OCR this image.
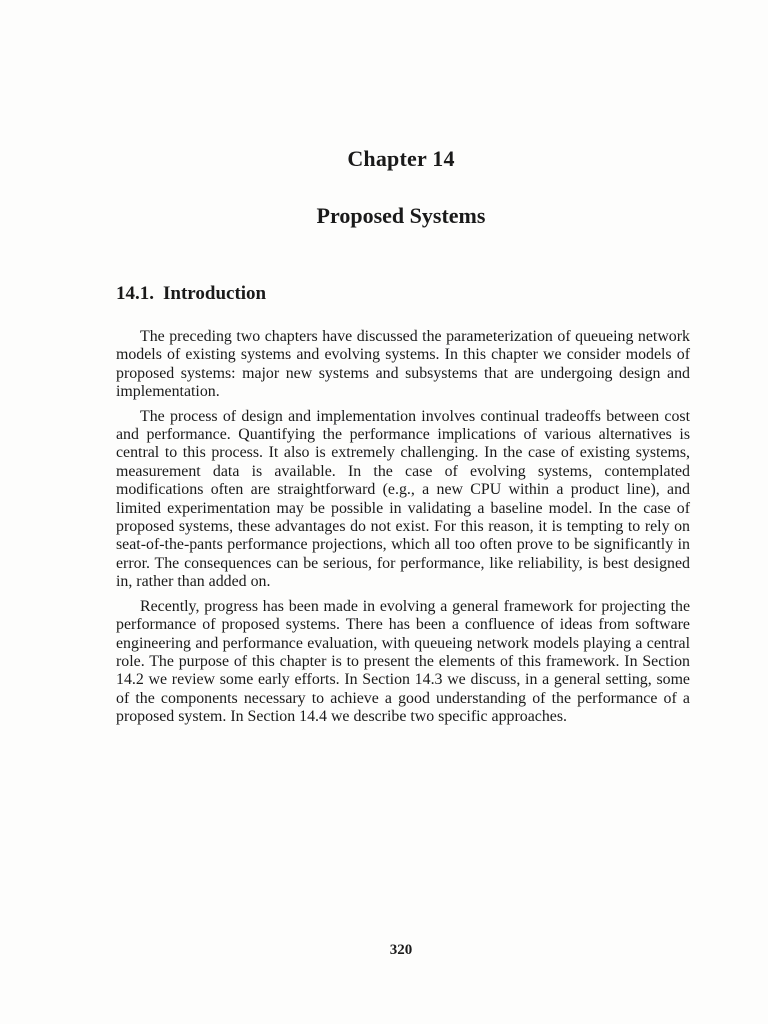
Chapter 14
Proposed Systems
14.1. Introduction

The preceding two chapters have discussed the parameterization of queueing network models of existing systems and evolving systems. In this chapter we consider models of proposed systems: major new systems and subsystems that are undergoing design and implementation.

The process of design and implementation involves continual tradeoffs between cost and performance. Quantifying the performance implications of various alternatives is central to this process. It also is extremely challenging. In the case of existing systems, measurement data is available. In the case of evolving systems, contemplated modifications often are straightforward (e.g., a new CPU within a product line), and limited experimentation may be possible in validating a baseline model. In the case of proposed systems, these advantages do not exist. For this reason, it is tempting to rely on seat-of-the-pants performance projections, which all too often prove to be significantly in error. The consequences can be serious, for performance, like reliability, is best designed in, rather than added on.

Recently, progress has been made in evolving a general framework for projecting the performance of proposed systems. There has been a confluence of ideas from software engineering and performance evaluation, with queueing network models playing a central role. The purpose of this chapter is to present the elements of this framework. In Section 14.2 we review some early efforts. In Section 14.3 we discuss, in a general setting, some of the components necessary to achieve a good understanding of the performance of a proposed system. In Section 14.4 we describe two specific approaches.

320
